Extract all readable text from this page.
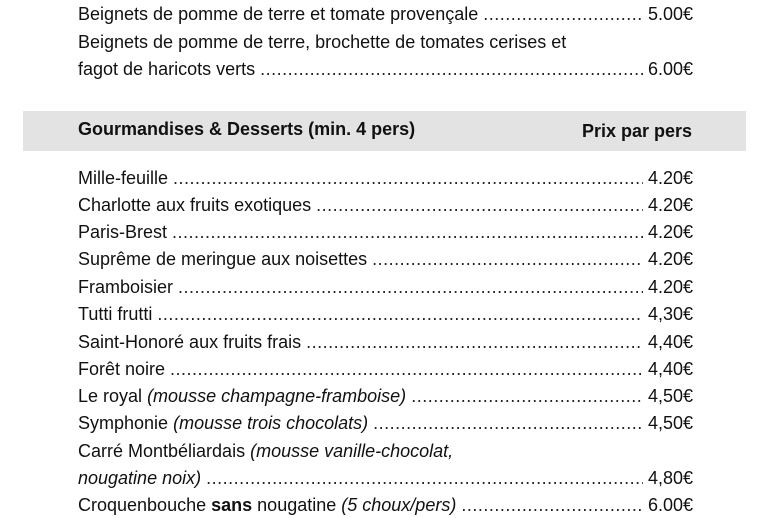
Beignets de pomme de terre et tomate provençale .....	5.00€
Beignets de pomme de terre, brochette de tomates cerises et
fagot de haricots verts .....	6.00€
Gourmandises & Desserts (min. 4 pers)	Prix par pers
Mille-feuille .....	4.20€
Charlotte aux fruits exotiques .....	4.20€
Paris-Brest .....	4.20€
Suprême de meringue aux noisettes .....	4.20€
Framboisier .....	4.20€
Tutti frutti .....	4,30€
Saint-Honoré aux fruits frais .....	4,40€
Forêt noire .....	4,40€
Le royal (mousse champagne-framboise) .....	4,50€
Symphonie (mousse trois chocolats) .....	4,50€
Carré Montbéliardais (mousse vanille-chocolat,
nougatine noix) .....	4,80€
Croquenbouche sans nougatine (5 choux/pers) .....	6.00€
